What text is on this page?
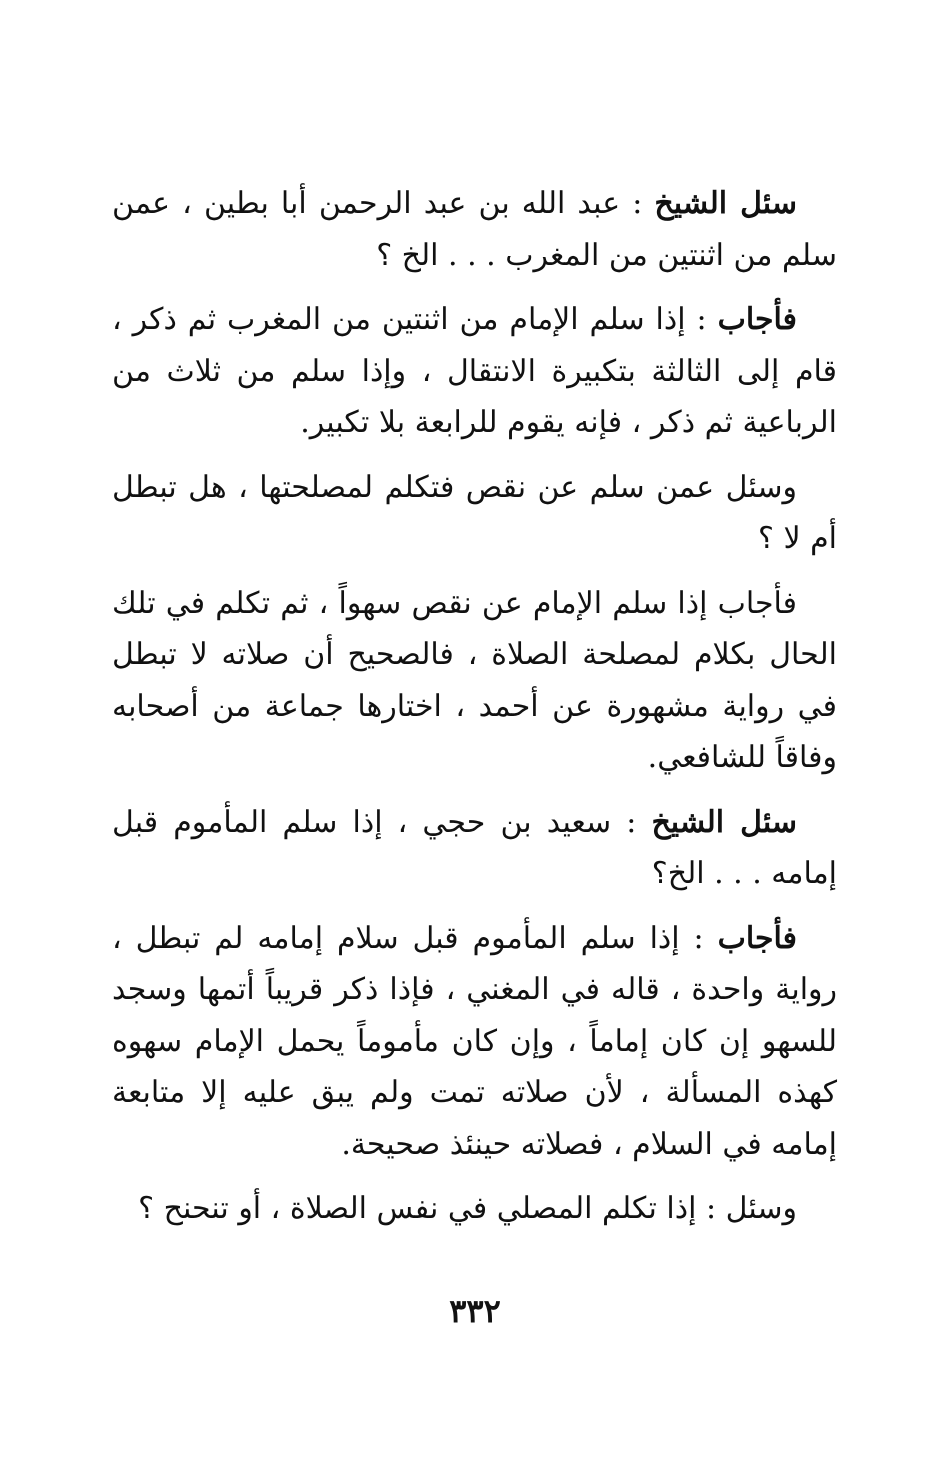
سئل الشيخ : عبد الله بن عبد الرحمن أبا بطين ، عمن سلم من اثنتين من المغرب . . . الخ ؟

فأجاب : إذا سلم الإمام من اثنتين من المغرب ثم ذكر ، قام إلى الثالثة بتكبيرة الانتقال ، وإذا سلم من ثلاث من الرباعية ثم ذكر ، فإنه يقوم للرابعة بلا تكبير.

وسئل عمن سلم عن نقص فتكلم لمصلحتها ، هل تبطل أم لا ؟

فأجاب إذا سلم الإمام عن نقص سهواً ، ثم تكلم في تلك الحال بكلام لمصلحة الصلاة ، فالصحيح أن صلاته لا تبطل في رواية مشهورة عن أحمد ، اختارها جماعة من أصحابه وفاقاً للشافعي.

سئل الشيخ : سعيد بن حجي ، إذا سلم المأموم قبل إمامه . . . الخ؟

فأجاب : إذا سلم المأموم قبل سلام إمامه لم تبطل ، رواية واحدة ، قاله في المغني ، فإذا ذكر قريباً أتمها وسجد للسهو إن كان إماماً ، وإن كان مأموماً يحمل الإمام سهوه كهذه المسألة ، لأن صلاته تمت ولم يبق عليه إلا متابعة إمامه في السلام ، فصلاته حينئذ صحيحة.

وسئل : إذا تكلم المصلي في نفس الصلاة ، أو تنحنح ؟

٣٣٢
